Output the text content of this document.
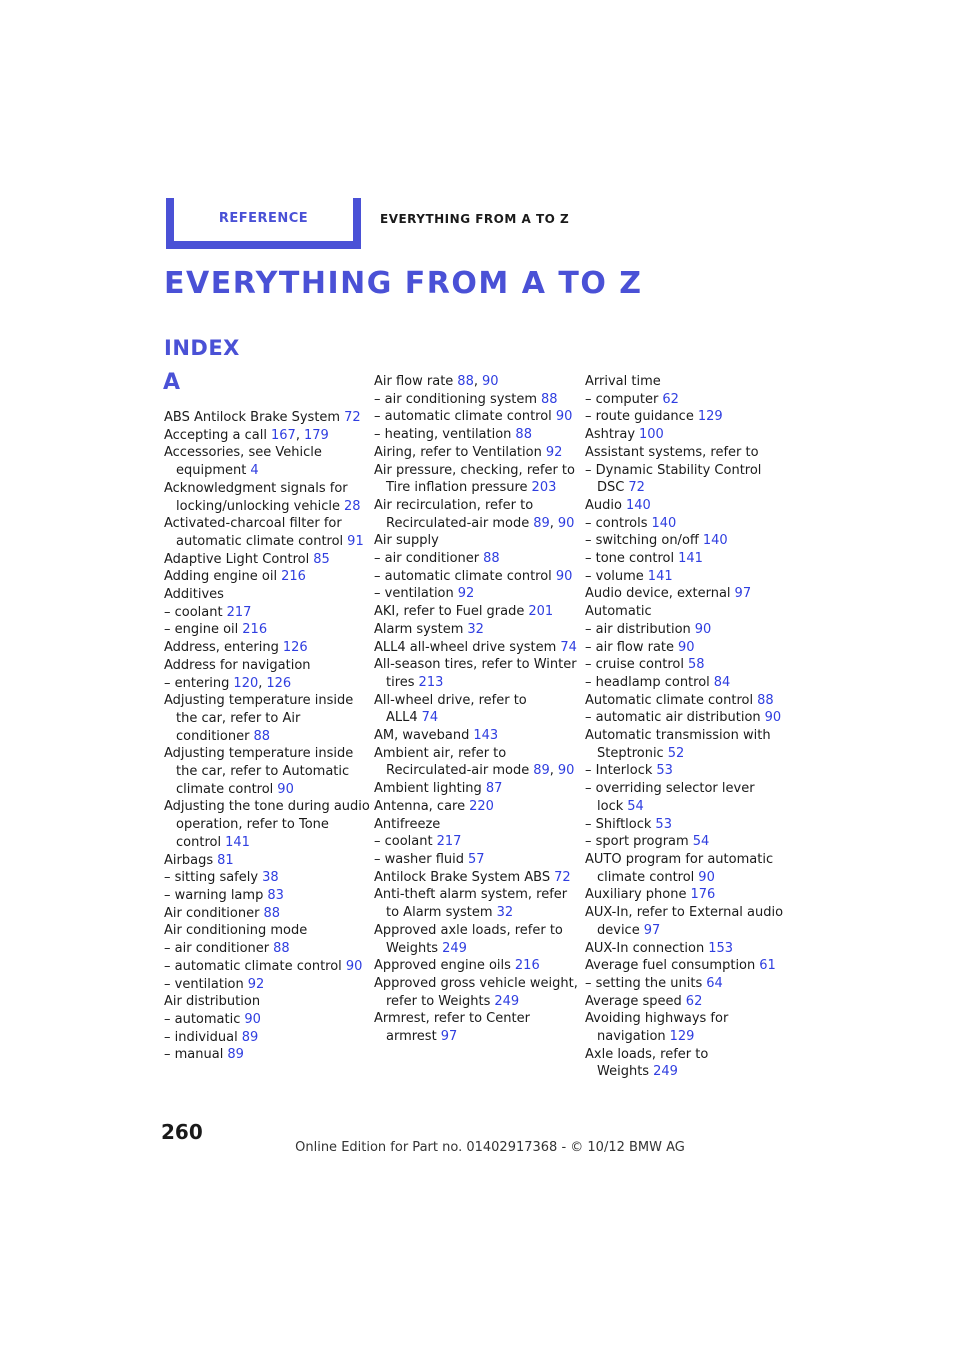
REFERENCE	EVERYTHING FROM A TO Z
EVERYTHING FROM A TO Z
INDEX
A
ABS Antilock Brake System 72
Accepting a call 167, 179
Accessories, see Vehicle equipment 4
Acknowledgment signals for locking/unlocking vehicle 28
Activated-charcoal filter for automatic climate control 91
Adaptive Light Control 85
Adding engine oil 216
Additives
– coolant 217
– engine oil 216
Address, entering 126
Address for navigation
– entering 120, 126
Adjusting temperature inside the car, refer to Air conditioner 88
Adjusting temperature inside the car, refer to Automatic climate control 90
Adjusting the tone during audio operation, refer to Tone control 141
Airbags 81
– sitting safely 38
– warning lamp 83
Air conditioner 88
Air conditioning mode
– air conditioner 88
– automatic climate control 90
– ventilation 92
Air distribution
– automatic 90
– individual 89
– manual 89
Air flow rate 88, 90
– air conditioning system 88
– automatic climate control 90
– heating, ventilation 88
Airing, refer to Ventilation 92
Air pressure, checking, refer to Tire inflation pressure 203
Air recirculation, refer to Recirculated-air mode 89, 90
Air supply
– air conditioner 88
– automatic climate control 90
– ventilation 92
AKI, refer to Fuel grade 201
Alarm system 32
ALL4 all-wheel drive system 74
All-season tires, refer to Winter tires 213
All-wheel drive, refer to ALL4 74
AM, waveband 143
Ambient air, refer to Recirculated-air mode 89, 90
Ambient lighting 87
Antenna, care 220
Antifreeze
– coolant 217
– washer fluid 57
Antilock Brake System ABS 72
Anti-theft alarm system, refer to Alarm system 32
Approved axle loads, refer to Weights 249
Approved engine oils 216
Approved gross vehicle weight, refer to Weights 249
Armrest, refer to Center armrest 97
Arrival time
– computer 62
– route guidance 129
Ashtray 100
Assistant systems, refer to
– Dynamic Stability Control DSC 72
Audio 140
– controls 140
– switching on/off 140
– tone control 141
– volume 141
Audio device, external 97
Automatic
– air distribution 90
– air flow rate 90
– cruise control 58
– headlamp control 84
Automatic climate control 88
– automatic air distribution 90
Automatic transmission with Steptronic 52
– Interlock 53
– overriding selector lever lock 54
– Shiftlock 53
– sport program 54
AUTO program for automatic climate control 90
Auxiliary phone 176
AUX-In, refer to External audio device 97
AUX-In connection 153
Average fuel consumption 61
– setting the units 64
Average speed 62
Avoiding highways for navigation 129
Axle loads, refer to Weights 249
260
Online Edition for Part no. 01402917368 - © 10/12 BMW AG
